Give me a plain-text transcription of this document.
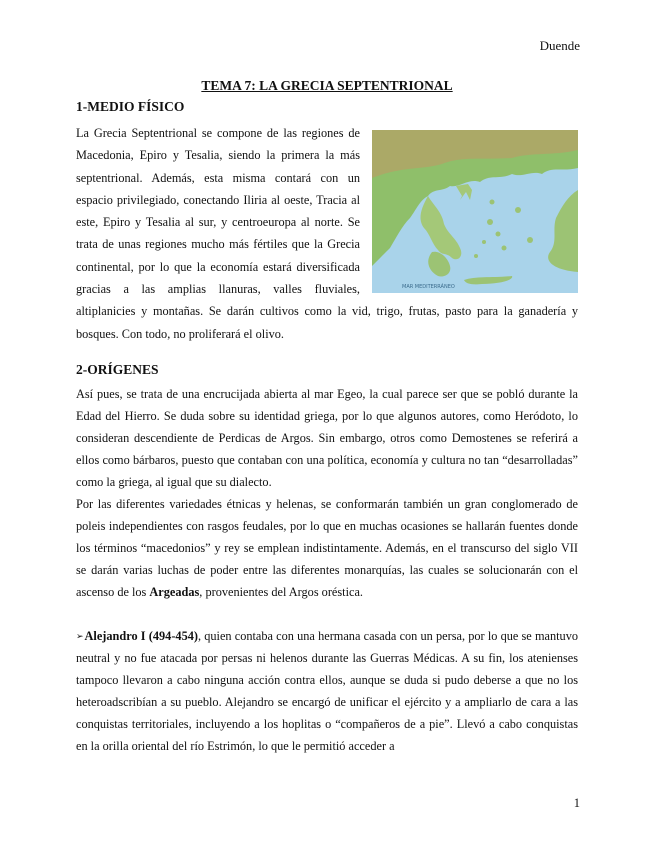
Duende
TEMA 7: LA GRECIA SEPTENTRIONAL
1-MEDIO FÍSICO
MAR MEDITERRÁNEO

La Grecia Septentrional se compone de las regiones de Macedonia, Epiro y Tesalia, siendo la primera la más septentrional. Además, esta misma contará con un espacio privilegiado, conectando Iliria al oeste, Tracia al este, Epiro y Tesalia al sur, y centroeuropa al norte. Se trata de unas regiones mucho más fértiles que la Grecia continental, por lo que la economía estará diversificada gracias a las amplias llanuras, valles fluviales, altiplanicies y montañas. Se darán cultivos como la vid, trigo, frutas, pasto para la ganadería y bosques. Con todo, no proliferará el olivo.

2-ORÍGENES

Así pues, se trata de una encrucijada abierta al mar Egeo, la cual parece ser que se pobló durante la Edad del Hierro. Se duda sobre su identidad griega, por lo que algunos autores, como Heródoto, lo consideran descendiente de Perdicas de Argos. Sin embargo, otros como Demostenes se referirá a ellos como bárbaros, puesto que contaban con una política, economía y cultura no tan “desarrolladas” como la griega, al igual que su dialecto.

Por las diferentes variedades étnicas y helenas, se conformarán también un gran conglomerado de poleis independientes con rasgos feudales, por lo que en muchas ocasiones se hallarán fuentes donde los términos “macedonios” y rey se emplean indistintamente. Además, en el transcurso del siglo VII se darán varias luchas de poder entre las diferentes monarquías, las cuales se solucionarán con el ascenso de los Argeadas, provenientes del Argos oréstica.

➢Alejandro I (494-454), quien contaba con una hermana casada con un persa, por lo que se mantuvo neutral y no fue atacada por persas ni helenos durante las Guerras Médicas. A su fin, los atenienses tampoco llevaron a cabo ninguna acción contra ellos, aunque se duda si pudo deberse a que no los heteroadscribían a su pueblo. Alejandro se encargó de unificar el ejército y a ampliarlo de cara a las conquistas territoriales, incluyendo a los hoplitas o “compañeros de a pie”. Llevó a cabo conquistas en la orilla oriental del río Estrimón, lo que le permitió acceder a

1
